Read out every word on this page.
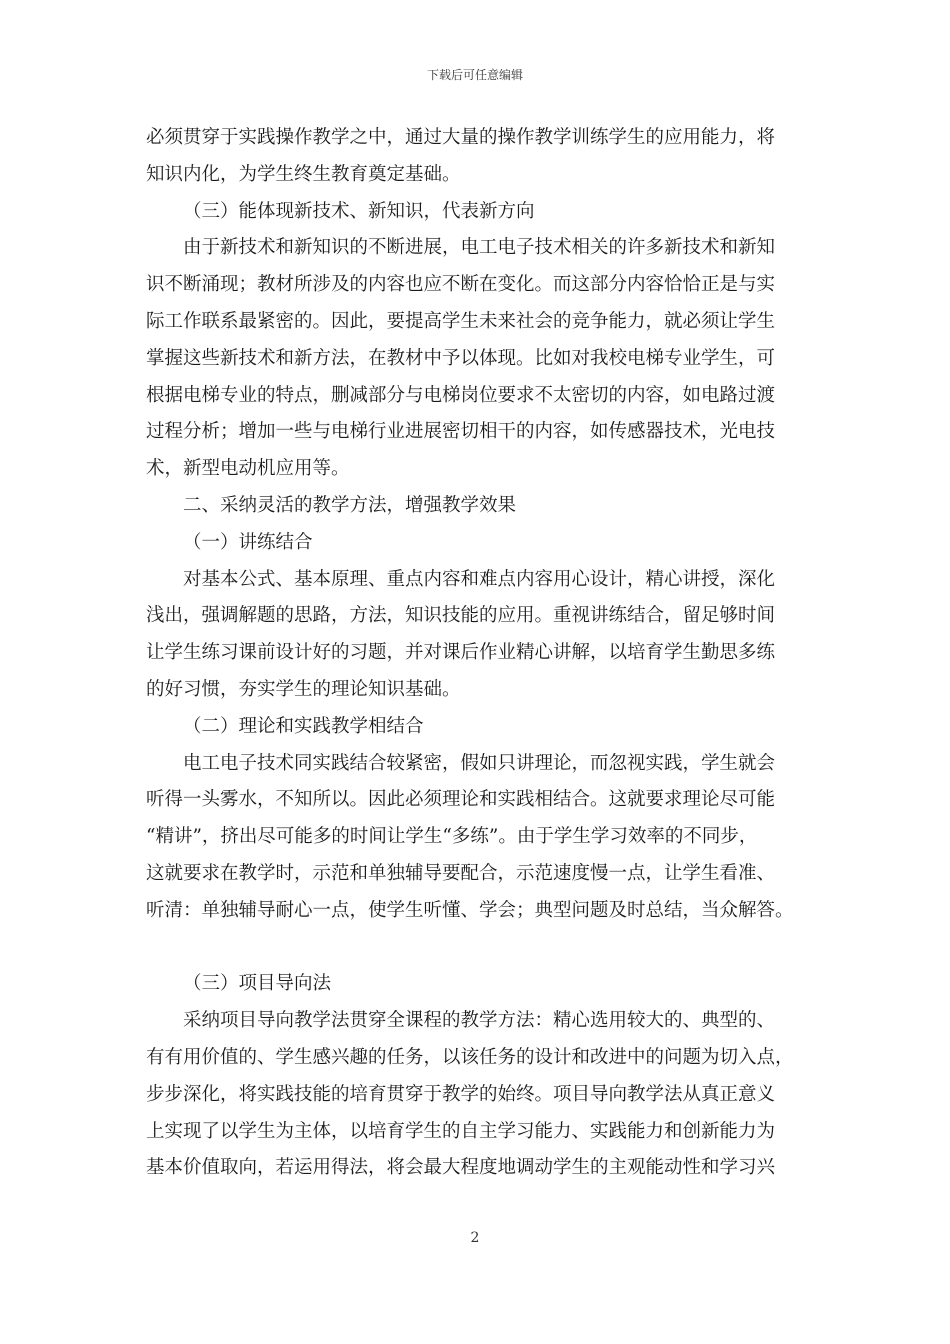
下载后可任意编辑
必须贯穿于实践操作教学之中，通过大量的操作教学训练学生的应用能力，将
知识内化，为学生终生教育奠定基础。
（三）能体现新技术、新知识，代表新方向
由于新技术和新知识的不断进展，电工电子技术相关的许多新技术和新知
识不断涌现；教材所涉及的内容也应不断在变化。而这部分内容恰恰正是与实
际工作联系最紧密的。因此，要提高学生未来社会的竞争能力，就必须让学生
掌握这些新技术和新方法，在教材中予以体现。比如对我校电梯专业学生，可
根据电梯专业的特点，删减部分与电梯岗位要求不太密切的内容，如电路过渡
过程分析；增加一些与电梯行业进展密切相干的内容，如传感器技术，光电技
术，新型电动机应用等。
二、采纳灵活的教学方法，增强教学效果
（一）讲练结合
对基本公式、基本原理、重点内容和难点内容用心设计，精心讲授，深化
浅出，强调解题的思路，方法，知识技能的应用。重视讲练结合，留足够时间
让学生练习课前设计好的习题，并对课后作业精心讲解，以培育学生勤思多练
的好习惯，夯实学生的理论知识基础。
（二）理论和实践教学相结合
电工电子技术同实践结合较紧密，假如只讲理论，而忽视实践，学生就会
听得一头雾水，不知所以。因此必须理论和实践相结合。这就要求理论尽可能
“精讲”，挤出尽可能多的时间让学生“多练”。由于学生学习效率的不同步，
这就要求在教学时，示范和单独辅导要配合，示范速度慢一点，让学生看准、
听清：单独辅导耐心一点，使学生听懂、学会；典型问题及时总结，当众解答。
（三）项目导向法
采纳项目导向教学法贯穿全课程的教学方法：精心选用较大的、典型的、
有有用价值的、学生感兴趣的任务，以该任务的设计和改进中的问题为切入点，
步步深化，将实践技能的培育贯穿于教学的始终。项目导向教学法从真正意义
上实现了以学生为主体，以培育学生的自主学习能力、实践能力和创新能力为
基本价值取向，若运用得法，将会最大程度地调动学生的主观能动性和学习兴
2
